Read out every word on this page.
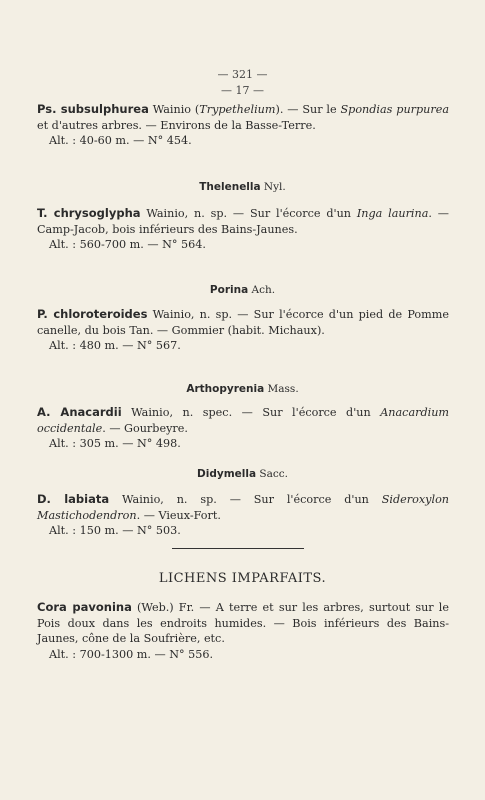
— 321 —
— 17 —

Ps. subsulphurea Wainio (Trypethelium). — Sur le Spondias purpurea et d'autres arbres. — Environs de la Basse-Terre.

Alt. : 40-60 m. — N° 454.

Thelenella Nyl.

T. chrysoglypha Wainio, n. sp. — Sur l'écorce d'un Inga laurina. — Camp-Jacob, bois inférieurs des Bains-Jaunes.

Alt. : 560-700 m. — N° 564.

Porina Ach.

P. chloroteroides Wainio, n. sp. — Sur l'écorce d'un pied de Pomme canelle, du bois Tan. — Gommier (habit. Michaux).

Alt. : 480 m. — N° 567.

Arthopyrenia Mass.

A. Anacardii Wainio, n. spec. — Sur l'écorce d'un Anacardium occidentale. — Gourbeyre.

Alt. : 305 m. — N° 498.

Didymella Sacc.

D. labiata Wainio, n. sp. — Sur l'écorce d'un Sideroxylon Mastichodendron. — Vieux-Fort.

Alt. : 150 m. — N° 503.

LICHENS IMPARFAITS.

Cora pavonina (Web.) Fr. — A terre et sur les arbres, surtout sur le Pois doux dans les endroits humides. — Bois inférieurs des Bains-Jaunes, cône de la Soufrière, etc.

Alt. : 700-1300 m. — N° 556.
